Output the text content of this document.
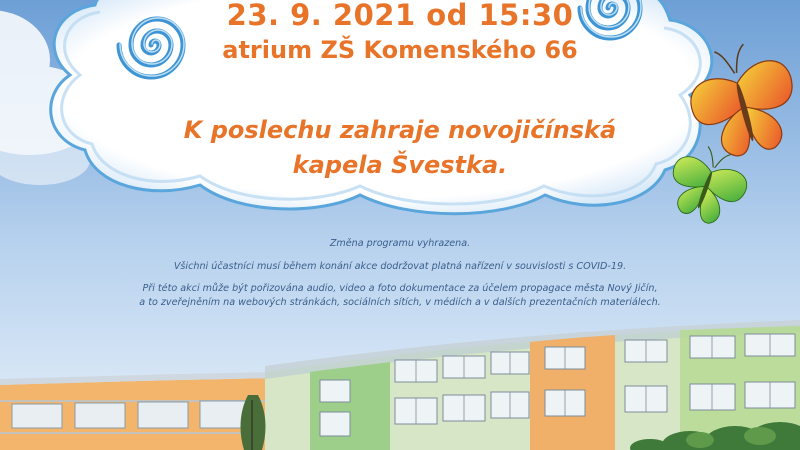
23. 9. 2021 od 15:30

atrium ZŠ Komenského 66

K poslechu zahraje novojičínská
kapela Švestka.

Změna programu vyhrazena.

Všichni účastníci musí během konání akce dodržovat platná nařízení v souvislosti s COVID-19.

Při této akci může být pořizována audio, video a foto dokumentace za účelem propagace města Nový Jičín,

a to zveřejněním na webových stránkách, sociálních sítích, v médiích a v dalších prezentačních materiálech.
